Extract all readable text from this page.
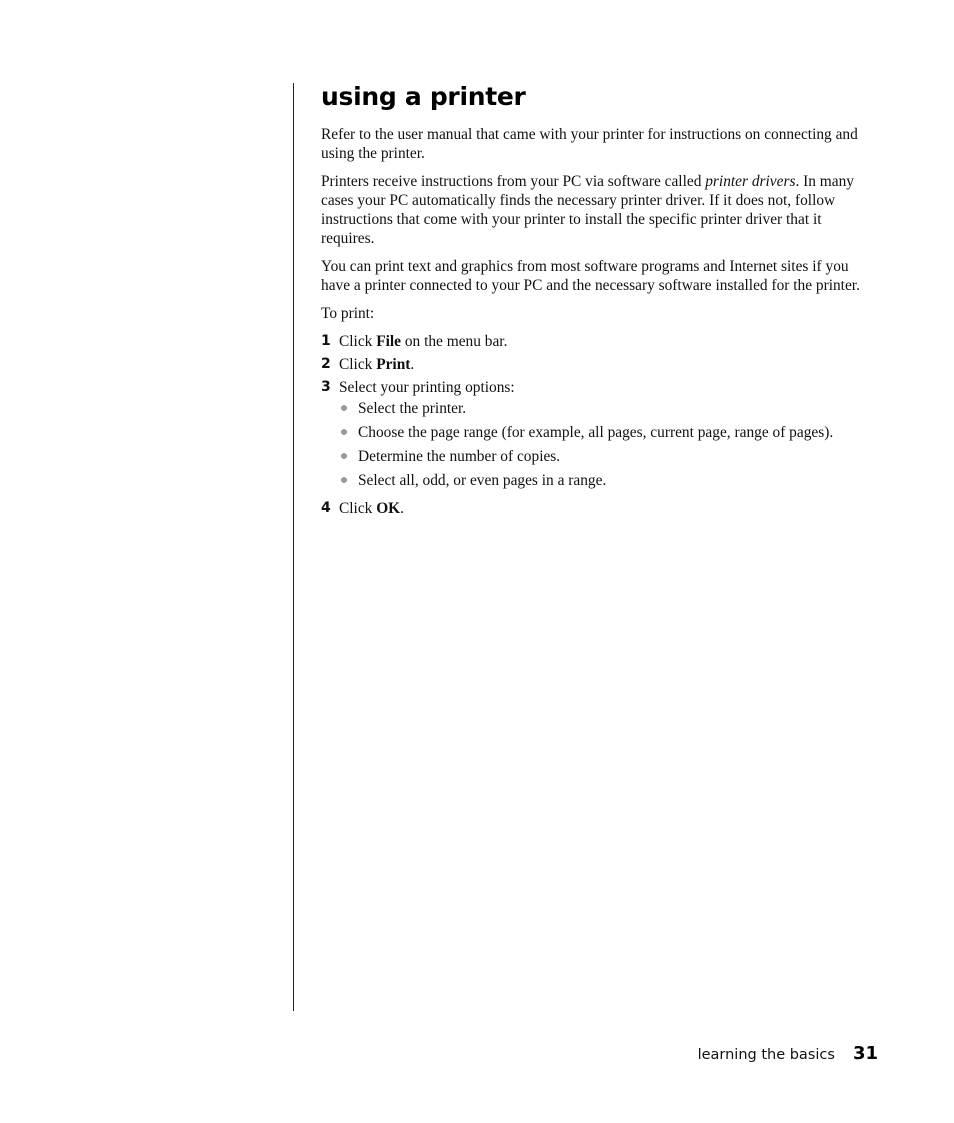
using a printer

Refer to the user manual that came with your printer for instructions on connecting and using the printer.

Printers receive instructions from your PC via software called printer drivers. In many cases your PC automatically finds the necessary printer driver. If it does not, follow instructions that come with your printer to install the specific printer driver that it requires.

You can print text and graphics from most software programs and Internet sites if you have a printer connected to your PC and the necessary software installed for the printer.

To print:

1 Click File on the menu bar.
2 Click Print.
3 Select your printing options:
Select the printer.
Choose the page range (for example, all pages, current page, range of pages).
Determine the number of copies.
Select all, odd, or even pages in a range.
4 Click OK.
learning the basics 31
